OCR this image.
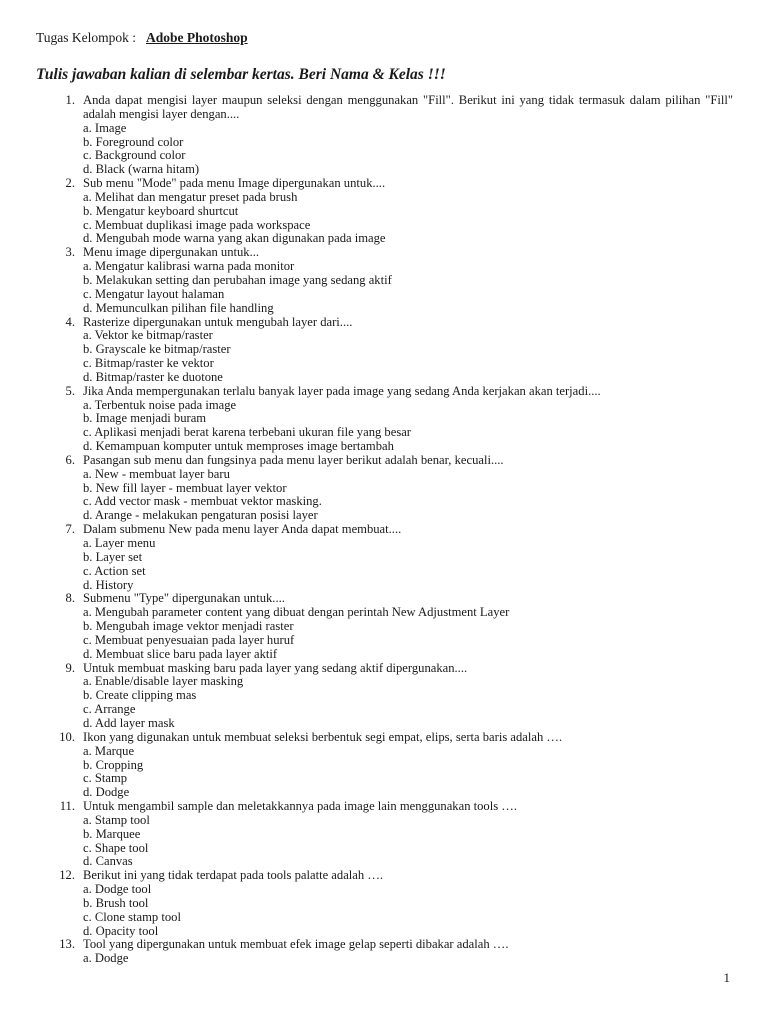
Tugas Kelompok : Adobe Photoshop
Tulis jawaban kalian di selembar kertas. Beri Nama & Kelas !!!
1. Anda dapat mengisi layer maupun seleksi dengan menggunakan "Fill". Berikut ini yang tidak termasuk dalam pilihan "Fill" adalah mengisi layer dengan....
a. Image
b. Foreground color
c. Background color
d. Black (warna hitam)
2. Sub menu "Mode" pada menu Image dipergunakan untuk....
a. Melihat dan mengatur preset pada brush
b. Mengatur keyboard shurtcut
c. Membuat duplikasi image pada workspace
d. Mengubah mode warna yang akan digunakan pada image
3. Menu image dipergunakan untuk...
a. Mengatur kalibrasi warna pada monitor
b. Melakukan setting dan perubahan image yang sedang aktif
c. Mengatur layout halaman
d. Memunculkan pilihan file handling
4. Rasterize dipergunakan untuk mengubah layer dari....
a. Vektor ke bitmap/raster
b. Grayscale ke bitmap/raster
c. Bitmap/raster ke vektor
d. Bitmap/raster ke duotone
5. Jika Anda mempergunakan terlalu banyak layer pada image yang sedang Anda kerjakan akan terjadi....
a. Terbentuk noise pada image
b. Image menjadi buram
c. Aplikasi menjadi berat karena terbebani ukuran file yang besar
d. Kemampuan komputer untuk memproses image bertambah
6. Pasangan sub menu dan fungsinya pada menu layer berikut adalah benar, kecuali....
a. New - membuat layer baru
b. New fill layer - membuat layer vektor
c. Add vector mask - membuat vektor masking.
d. Arange - melakukan pengaturan posisi layer
7. Dalam submenu New pada menu layer Anda dapat membuat....
a. Layer menu
b. Layer set
c. Action set
d. History
8. Submenu "Type" dipergunakan untuk....
a. Mengubah parameter content yang dibuat dengan perintah New Adjustment Layer
b. Mengubah image vektor menjadi raster
c. Membuat penyesuaian pada layer huruf
d. Membuat slice baru pada layer aktif
9. Untuk membuat masking baru pada layer yang sedang aktif dipergunakan....
a. Enable/disable layer masking
b. Create clipping mas
c. Arrange
d. Add layer mask
10. Ikon yang digunakan untuk membuat seleksi berbentuk segi empat, elips, serta baris adalah ….
a. Marque
b. Cropping
c. Stamp
d. Dodge
11. Untuk mengambil sample dan meletakkannya pada image lain menggunakan tools ….
a. Stamp tool
b. Marquee
c. Shape tool
d. Canvas
12. Berikut ini yang tidak terdapat pada tools palatte adalah ….
a. Dodge tool
b. Brush tool
c. Clone stamp tool
d. Opacity tool
13. Tool yang dipergunakan untuk membuat efek image gelap seperti dibakar adalah ….
a. Dodge
1
